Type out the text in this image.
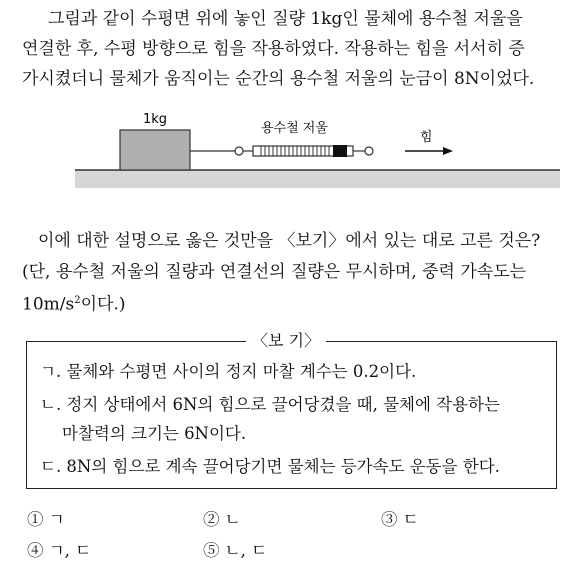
그림과 같이 수평면 위에 놓인 질량 1kg인 물체에 용수철 저울을
연결한 후, 수평 방향으로 힘을 작용하였다. 작용하는 힘을 서서히 증
가시켰더니 물체가 움직이는 순간의 용수철 저울의 눈금이 8N이었다.
1kg
용수철 저울
힘
이에 대한 설명으로 옳은 것만을 〈보기〉에서 있는 대로 고른 것은?
(단, 용수철 저울의 질량과 연결선의 질량은 무시하며, 중력 가속도는
$10m/s^2$이다.)
〈보 기〉
ㄱ. 물체와 수평면 사이의 정지 마찰 계수는 0.2이다.
ㄴ. 정지 상태에서 6N의 힘으로 끌어당겼을 때, 물체에 작용하는
마찰력의 크기는 6N이다.
ㄷ. 8N의 힘으로 계속 끌어당기면 물체는 등가속도 운동을 한다.
① ㄱ	② ㄴ	③ ㄷ
④ ㄱ, ㄷ	⑤ ㄴ, ㄷ
